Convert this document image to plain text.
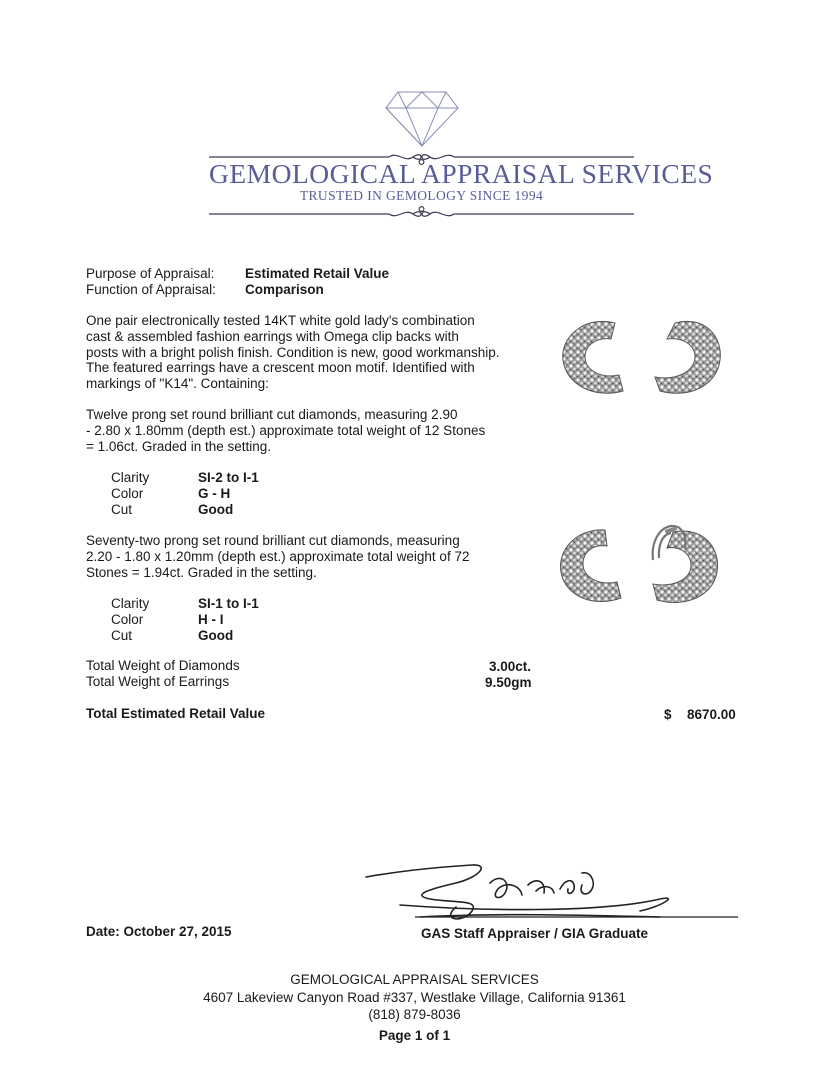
GEMOLOGICAL APPRAISAL SERVICES
TRUSTED IN GEMOLOGY SINCE 1994
Purpose of Appraisal: Estimated Retail Value
Function of Appraisal: Comparison
One pair electronically tested 14KT white gold lady's combination
cast & assembled fashion earrings with Omega clip backs with
posts with a bright polish finish. Condition is new, good workmanship.
The featured earrings have a crescent moon motif. Identified with
markings of "K14". Containing:
Twelve prong set round brilliant cut diamonds, measuring 2.90
- 2.80 x 1.80mm (depth est.) approximate total weight of 12 Stones
= 1.06ct. Graded in the setting.
Clarity	SI-2 to I-1
Color	G - H
Cut	Good
Seventy-two prong set round brilliant cut diamonds, measuring
2.20 - 1.80 x 1.20mm (depth est.) approximate total weight of 72
Stones = 1.94ct. Graded in the setting.
Clarity	SI-1 to I-1
Color	H - I
Cut	Good
Total Weight of Diamonds	3.00ct.
Total Weight of Earrings	9.50gm
Total Estimated Retail Value	$ 8670.00
Date: October 27, 2015	GAS Staff Appraiser / GIA Graduate
GEMOLOGICAL APPRAISAL SERVICES
4607 Lakeview Canyon Road #337, Westlake Village, California 91361
(818) 879-8036
Page 1 of 1
